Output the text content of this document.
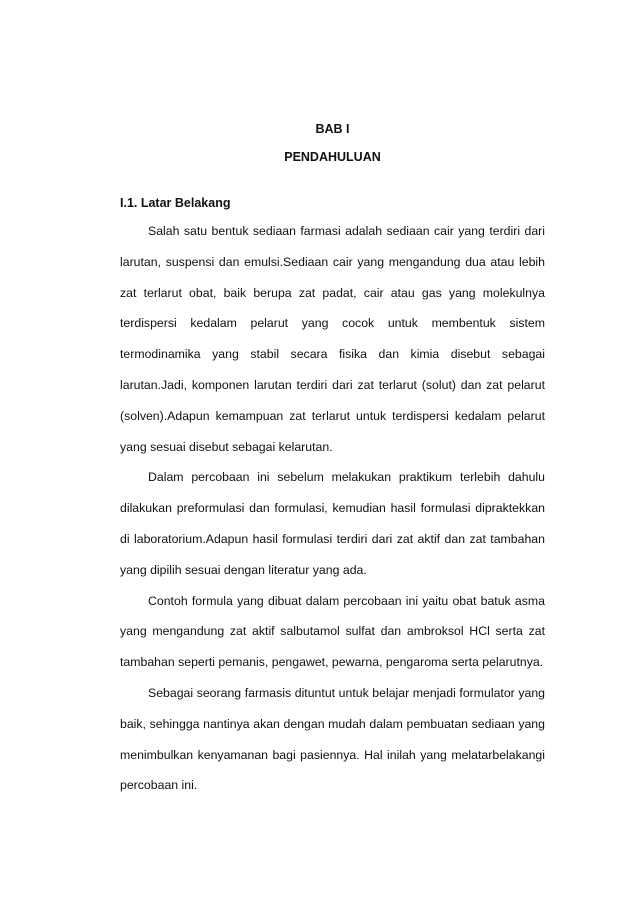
BAB I
PENDAHULUAN
I.1. Latar Belakang

Salah satu bentuk sediaan farmasi adalah sediaan cair yang terdiri dari larutan, suspensi dan emulsi.Sediaan cair yang mengandung dua atau lebih zat terlarut obat, baik berupa zat padat, cair atau gas yang molekulnya terdispersi kedalam pelarut yang cocok untuk membentuk sistem termodinamika yang stabil secara fisika dan kimia disebut sebagai larutan.Jadi, komponen larutan terdiri dari zat terlarut (solut) dan zat pelarut (solven).Adapun kemampuan zat terlarut untuk terdispersi kedalam pelarut yang sesuai disebut sebagai kelarutan.

Dalam percobaan ini sebelum melakukan praktikum terlebih dahulu dilakukan preformulasi dan formulasi, kemudian hasil formulasi dipraktekkan di laboratorium.Adapun hasil formulasi terdiri dari zat aktif dan zat tambahan yang dipilih sesuai dengan literatur yang ada.

Contoh formula yang dibuat dalam percobaan ini yaitu obat batuk asma yang mengandung zat aktif salbutamol sulfat dan ambroksol HCl serta zat tambahan seperti pemanis, pengawet, pewarna, pengaroma serta pelarutnya.

Sebagai seorang farmasis dituntut untuk belajar menjadi formulator yang baik, sehingga nantinya akan dengan mudah dalam pembuatan sediaan yang menimbulkan kenyamanan bagi pasiennya. Hal inilah yang melatarbelakangi percobaan ini.
